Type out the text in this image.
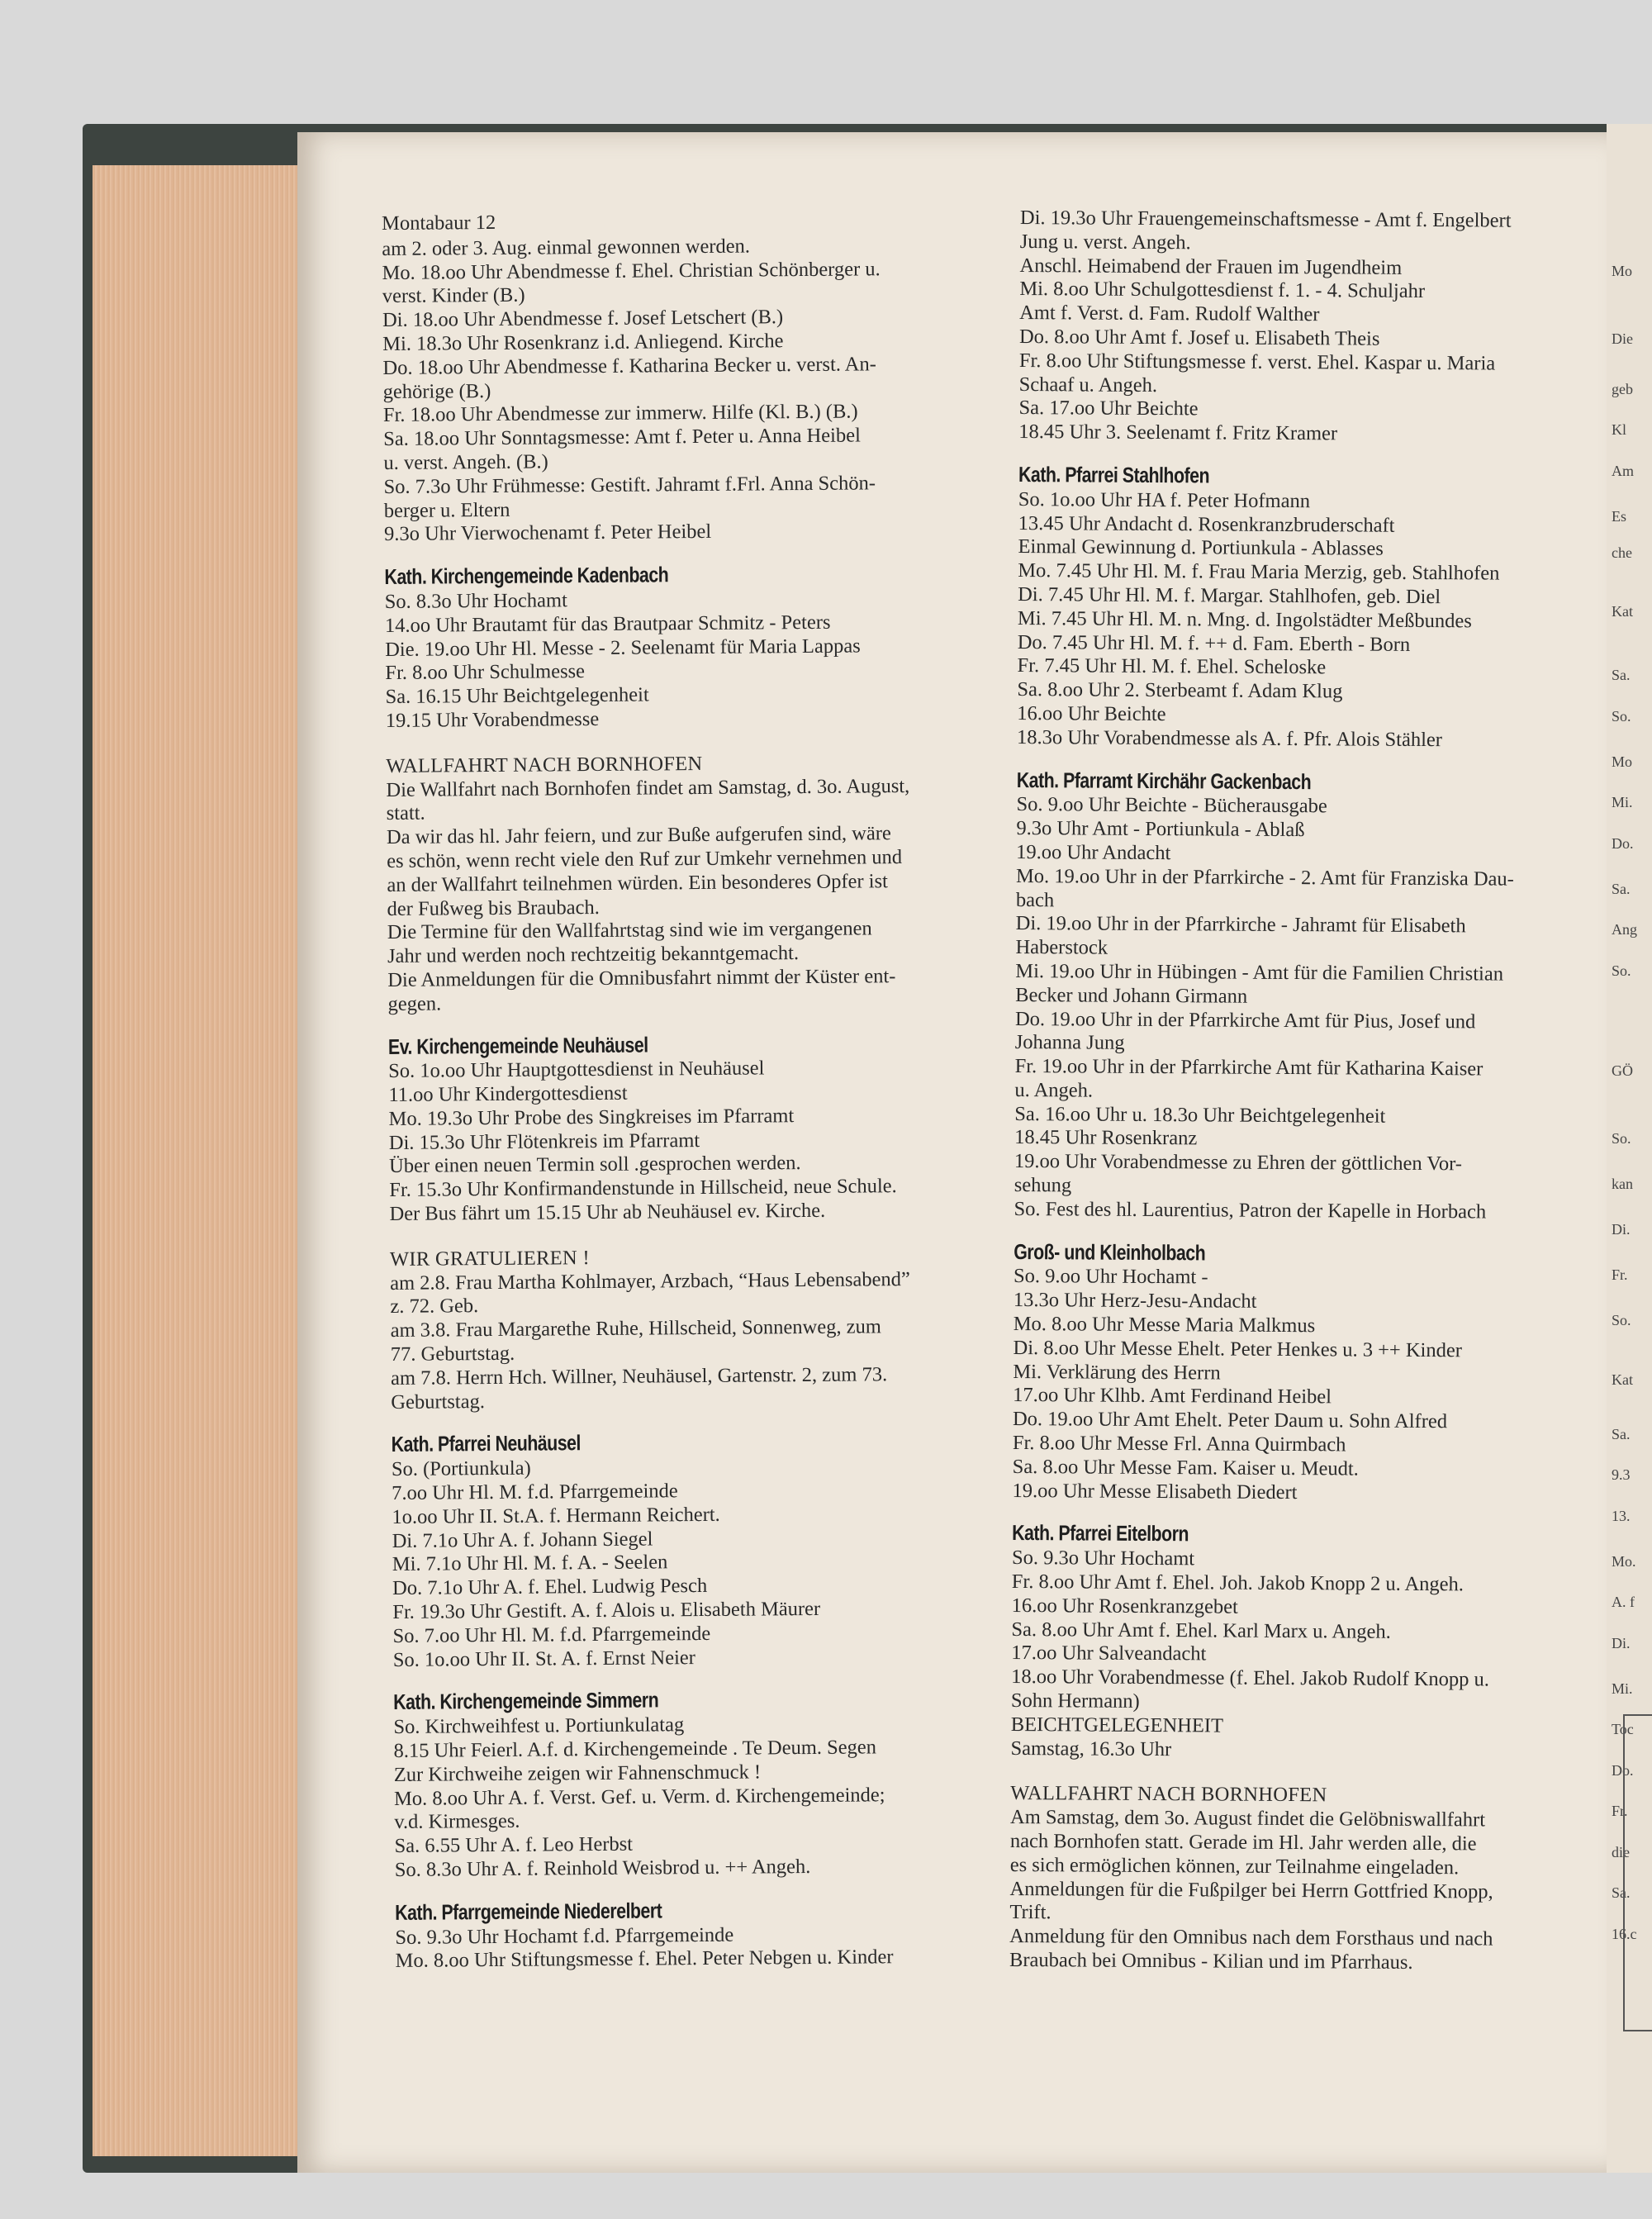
Mo
Die
geb
Kl
Am
Es
che
Kat
Sa.
So.
Mo
Mi.
Do.
Sa.
Ang
So.
GÖ
So.
kan
Di.
Fr.
So.
Kat
Sa.
9.3
13.
Mo.
A. f
Di.
Mi.
Toc
Do.
Fr.
die
Sa.
16.c
Montabaur 12
am 2. oder 3. Aug. einmal gewonnen werden.
Mo. 18.oo Uhr Abendmesse f. Ehel. Christian Schönberger u.
verst. Kinder (B.)
Di. 18.oo Uhr Abendmesse f. Josef Letschert (B.)
Mi. 18.3o Uhr Rosenkranz i.d. Anliegend. Kirche
Do. 18.oo Uhr Abendmesse f. Katharina Becker u. verst. An-
gehörige (B.)
Fr. 18.oo Uhr Abendmesse zur immerw. Hilfe (Kl. B.) (B.)
Sa. 18.oo Uhr Sonntagsmesse: Amt f. Peter u. Anna Heibel
u. verst. Angeh. (B.)
So. 7.3o Uhr Frühmesse: Gestift. Jahramt f.Frl. Anna Schön-
berger u. Eltern
9.3o Uhr Vierwochenamt f. Peter Heibel
Kath. Kirchengemeinde Kadenbach
So. 8.3o Uhr Hochamt
14.oo Uhr Brautamt für das Brautpaar Schmitz - Peters
Die. 19.oo Uhr Hl. Messe - 2. Seelenamt für Maria Lappas
Fr. 8.oo Uhr Schulmesse
Sa. 16.15 Uhr Beichtgelegenheit
19.15 Uhr Vorabendmesse
WALLFAHRT NACH BORNHOFEN
Die Wallfahrt nach Bornhofen findet am Samstag, d. 3o. August,
statt.
Da wir das hl. Jahr feiern, und zur Buße aufgerufen sind, wäre
es schön, wenn recht viele den Ruf zur Umkehr vernehmen und
an der Wallfahrt teilnehmen würden. Ein besonderes Opfer ist
der Fußweg bis Braubach.
Die Termine für den Wallfahrtstag sind wie im vergangenen
Jahr und werden noch rechtzeitig bekanntgemacht.
Die Anmeldungen für die Omnibusfahrt nimmt der Küster ent-
gegen.
Ev. Kirchengemeinde Neuhäusel
So. 1o.oo Uhr Hauptgottesdienst in Neuhäusel
11.oo Uhr Kindergottesdienst
Mo. 19.3o Uhr Probe des Singkreises im Pfarramt
Di. 15.3o Uhr Flötenkreis im Pfarramt
Über einen neuen Termin soll .gesprochen werden.
Fr. 15.3o Uhr Konfirmandenstunde in Hillscheid, neue Schule.
Der Bus fährt um 15.15 Uhr ab Neuhäusel ev. Kirche.
WIR GRATULIEREN !
am 2.8. Frau Martha Kohlmayer, Arzbach, “Haus Lebensabend”
z. 72. Geb.
am 3.8. Frau Margarethe Ruhe, Hillscheid, Sonnenweg, zum
77. Geburtstag.
am 7.8. Herrn Hch. Willner, Neuhäusel, Gartenstr. 2, zum 73.
Geburtstag.
Kath. Pfarrei Neuhäusel
So. (Portiunkula)
7.oo Uhr Hl. M. f.d. Pfarrgemeinde
1o.oo Uhr II. St.A. f. Hermann Reichert.
Di. 7.1o Uhr A. f. Johann Siegel
Mi. 7.1o Uhr Hl. M. f. A. - Seelen
Do. 7.1o Uhr A. f. Ehel. Ludwig Pesch
Fr. 19.3o Uhr Gestift. A. f. Alois u. Elisabeth Mäurer
So. 7.oo Uhr Hl. M. f.d. Pfarrgemeinde
So. 1o.oo Uhr II. St. A. f. Ernst Neier
Kath. Kirchengemeinde Simmern
So. Kirchweihfest u. Portiunkulatag
8.15 Uhr Feierl. A.f. d. Kirchengemeinde . Te Deum. Segen
Zur Kirchweihe zeigen wir Fahnenschmuck !
Mo. 8.oo Uhr A. f. Verst. Gef. u. Verm. d. Kirchengemeinde;
v.d. Kirmesges.
Sa. 6.55 Uhr A. f. Leo Herbst
So. 8.3o Uhr A. f. Reinhold Weisbrod u. ++ Angeh.
Kath. Pfarrgemeinde Niederelbert
So. 9.3o Uhr Hochamt f.d. Pfarrgemeinde
Mo. 8.oo Uhr Stiftungsmesse f. Ehel. Peter Nebgen u. Kinder
Di. 19.3o Uhr Frauengemeinschaftsmesse - Amt f. Engelbert
Jung u. verst. Angeh.
Anschl. Heimabend der Frauen im Jugendheim
Mi. 8.oo Uhr Schulgottesdienst f. 1. - 4. Schuljahr
Amt f. Verst. d. Fam. Rudolf Walther
Do. 8.oo Uhr Amt f. Josef u. Elisabeth Theis
Fr. 8.oo Uhr Stiftungsmesse f. verst. Ehel. Kaspar u. Maria
Schaaf u. Angeh.
Sa. 17.oo Uhr Beichte
18.45 Uhr 3. Seelenamt f. Fritz Kramer
Kath. Pfarrei Stahlhofen
So. 1o.oo Uhr HA f. Peter Hofmann
13.45 Uhr Andacht d. Rosenkranzbruderschaft
Einmal Gewinnung d. Portiunkula - Ablasses
Mo. 7.45 Uhr Hl. M. f. Frau Maria Merzig, geb. Stahlhofen
Di. 7.45 Uhr Hl. M. f. Margar. Stahlhofen, geb. Diel
Mi. 7.45 Uhr Hl. M. n. Mng. d. Ingolstädter Meßbundes
Do. 7.45 Uhr Hl. M. f. ++ d. Fam. Eberth - Born
Fr. 7.45 Uhr Hl. M. f. Ehel. Scheloske
Sa. 8.oo Uhr 2. Sterbeamt f. Adam Klug
16.oo Uhr Beichte
18.3o Uhr Vorabendmesse als A. f. Pfr. Alois Stähler
Kath. Pfarramt Kirchähr Gackenbach
So. 9.oo Uhr Beichte - Bücherausgabe
9.3o Uhr Amt - Portiunkula - Ablaß
19.oo Uhr Andacht
Mo. 19.oo Uhr in der Pfarrkirche - 2. Amt für Franziska Dau-
bach
Di. 19.oo Uhr in der Pfarrkirche - Jahramt für Elisabeth
Haberstock
Mi. 19.oo Uhr in Hübingen - Amt für die Familien Christian
Becker und Johann Girmann
Do. 19.oo Uhr in der Pfarrkirche Amt für Pius, Josef und
Johanna Jung
Fr. 19.oo Uhr in der Pfarrkirche Amt für Katharina Kaiser
u. Angeh.
Sa. 16.oo Uhr u. 18.3o Uhr Beichtgelegenheit
18.45 Uhr Rosenkranz
19.oo Uhr Vorabendmesse zu Ehren der göttlichen Vor-
sehung
So. Fest des hl. Laurentius, Patron der Kapelle in Horbach
Groß- und Kleinholbach
So. 9.oo Uhr Hochamt -
13.3o Uhr Herz-Jesu-Andacht
Mo. 8.oo Uhr Messe Maria Malkmus
Di. 8.oo Uhr Messe Ehelt. Peter Henkes u. 3 ++ Kinder
Mi. Verklärung des Herrn
17.oo Uhr Klhb. Amt Ferdinand Heibel
Do. 19.oo Uhr Amt Ehelt. Peter Daum u. Sohn Alfred
Fr. 8.oo Uhr Messe Frl. Anna Quirmbach
Sa. 8.oo Uhr Messe Fam. Kaiser u. Meudt.
19.oo Uhr Messe Elisabeth Diedert
Kath. Pfarrei Eitelborn
So. 9.3o Uhr Hochamt
Fr. 8.oo Uhr Amt f. Ehel. Joh. Jakob Knopp 2 u. Angeh.
16.oo Uhr Rosenkranzgebet
Sa. 8.oo Uhr Amt f. Ehel. Karl Marx u. Angeh.
17.oo Uhr Salveandacht
18.oo Uhr Vorabendmesse (f. Ehel. Jakob Rudolf Knopp u.
Sohn Hermann)
BEICHTGELEGENHEIT
Samstag, 16.3o Uhr
WALLFAHRT NACH BORNHOFEN
Am Samstag, dem 3o. August findet die Gelöbniswallfahrt
nach Bornhofen statt. Gerade im Hl. Jahr werden alle, die
es sich ermöglichen können, zur Teilnahme eingeladen.
Anmeldungen für die Fußpilger bei Herrn Gottfried Knopp,
Trift.
Anmeldung für den Omnibus nach dem Forsthaus und nach
Braubach bei Omnibus - Kilian und im Pfarrhaus.
